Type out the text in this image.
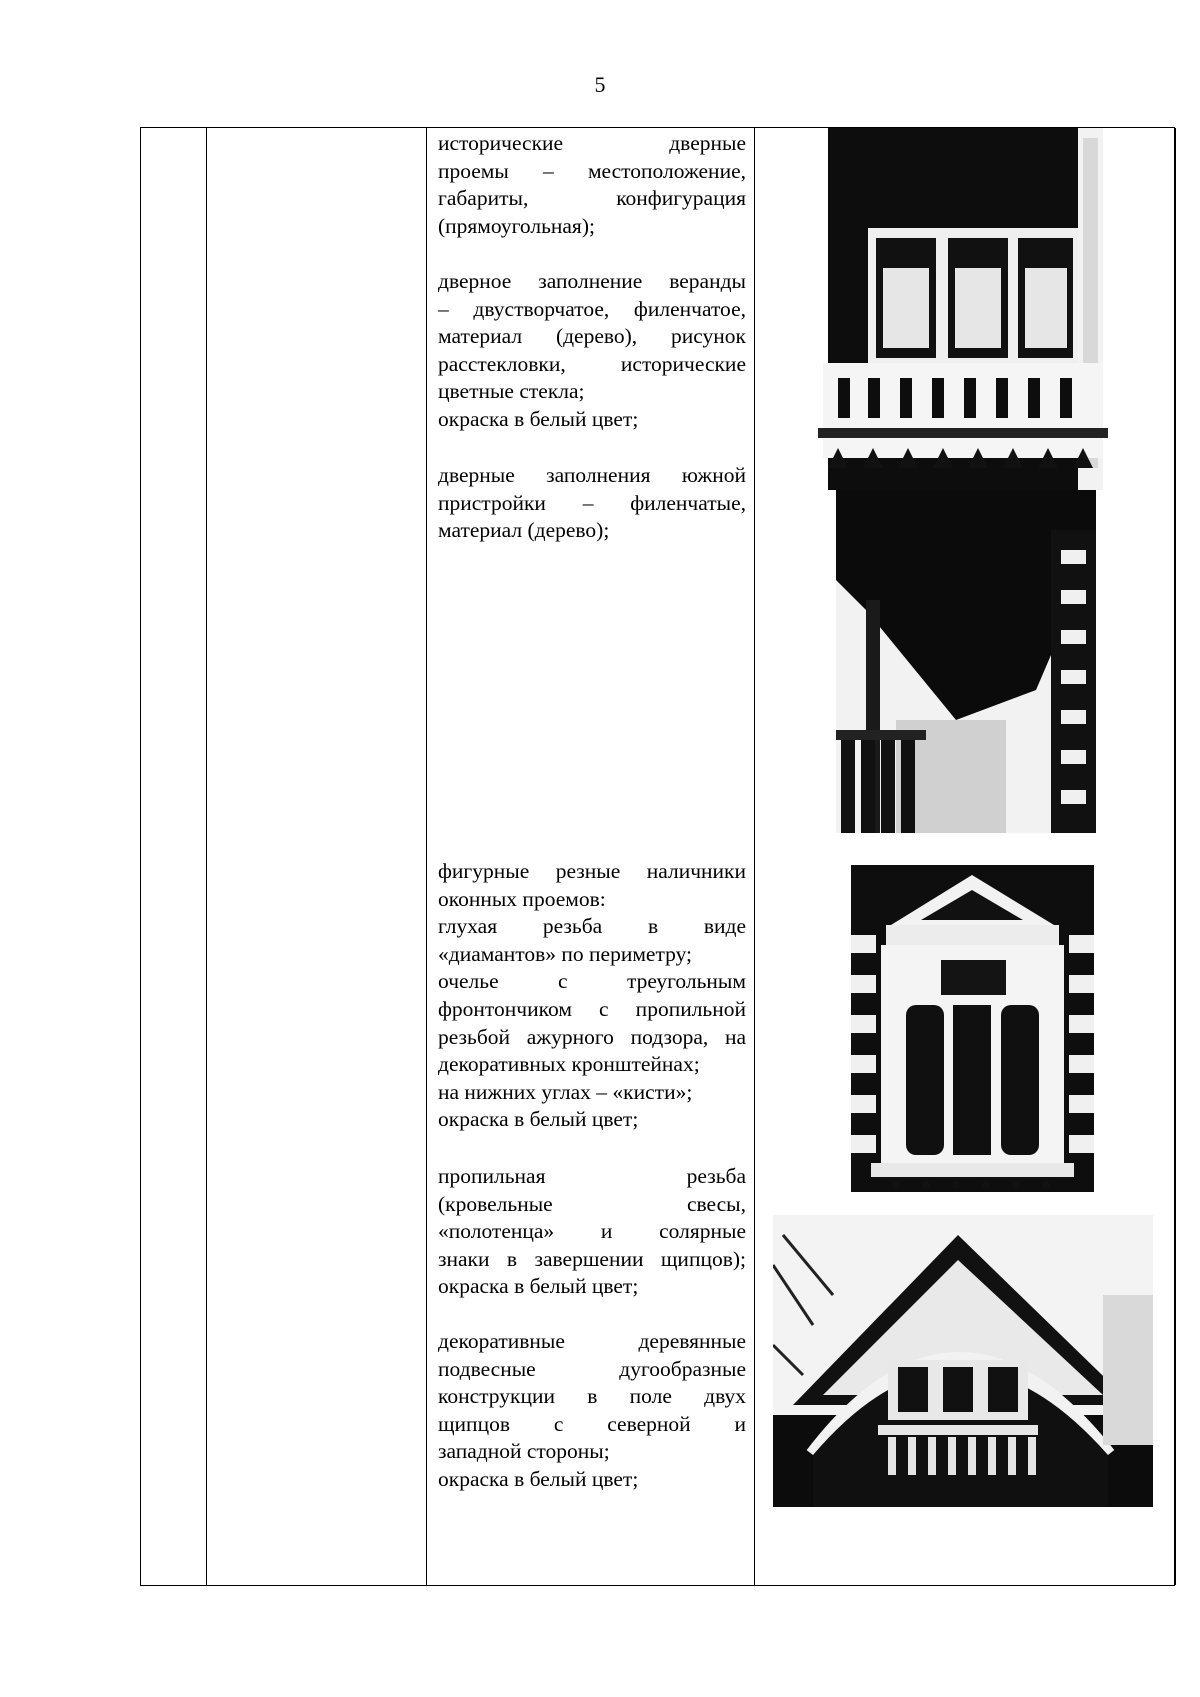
5
исторические дверные
проемы – местоположение,
габариты, конфигурация
(прямоугольная);
дверное заполнение веранды
– двустворчатое, филенчатое,
материал (дерево), рисунок
расстекловки, исторические
цветные стекла;
окраска в белый цвет;
дверные заполнения южной
пристройки – филенчатые,
материал (дерево);
фигурные резные наличники
оконных проемов:
глухая резьба в виде
«диамантов» по периметру;
очелье с треугольным
фронтончиком с пропильной
резьбой ажурного подзора, на
декоративных кронштейнах;
на нижних углах – «кисти»;
окраска в белый цвет;
пропильная резьба
(кровельные свесы,
«полотенца» и солярные
знаки в завершении щипцов);
окраска в белый цвет;
декоративные деревянные
подвесные дугообразные
конструкции в поле двух
щипцов с северной и
западной стороны;
окраска в белый цвет;
